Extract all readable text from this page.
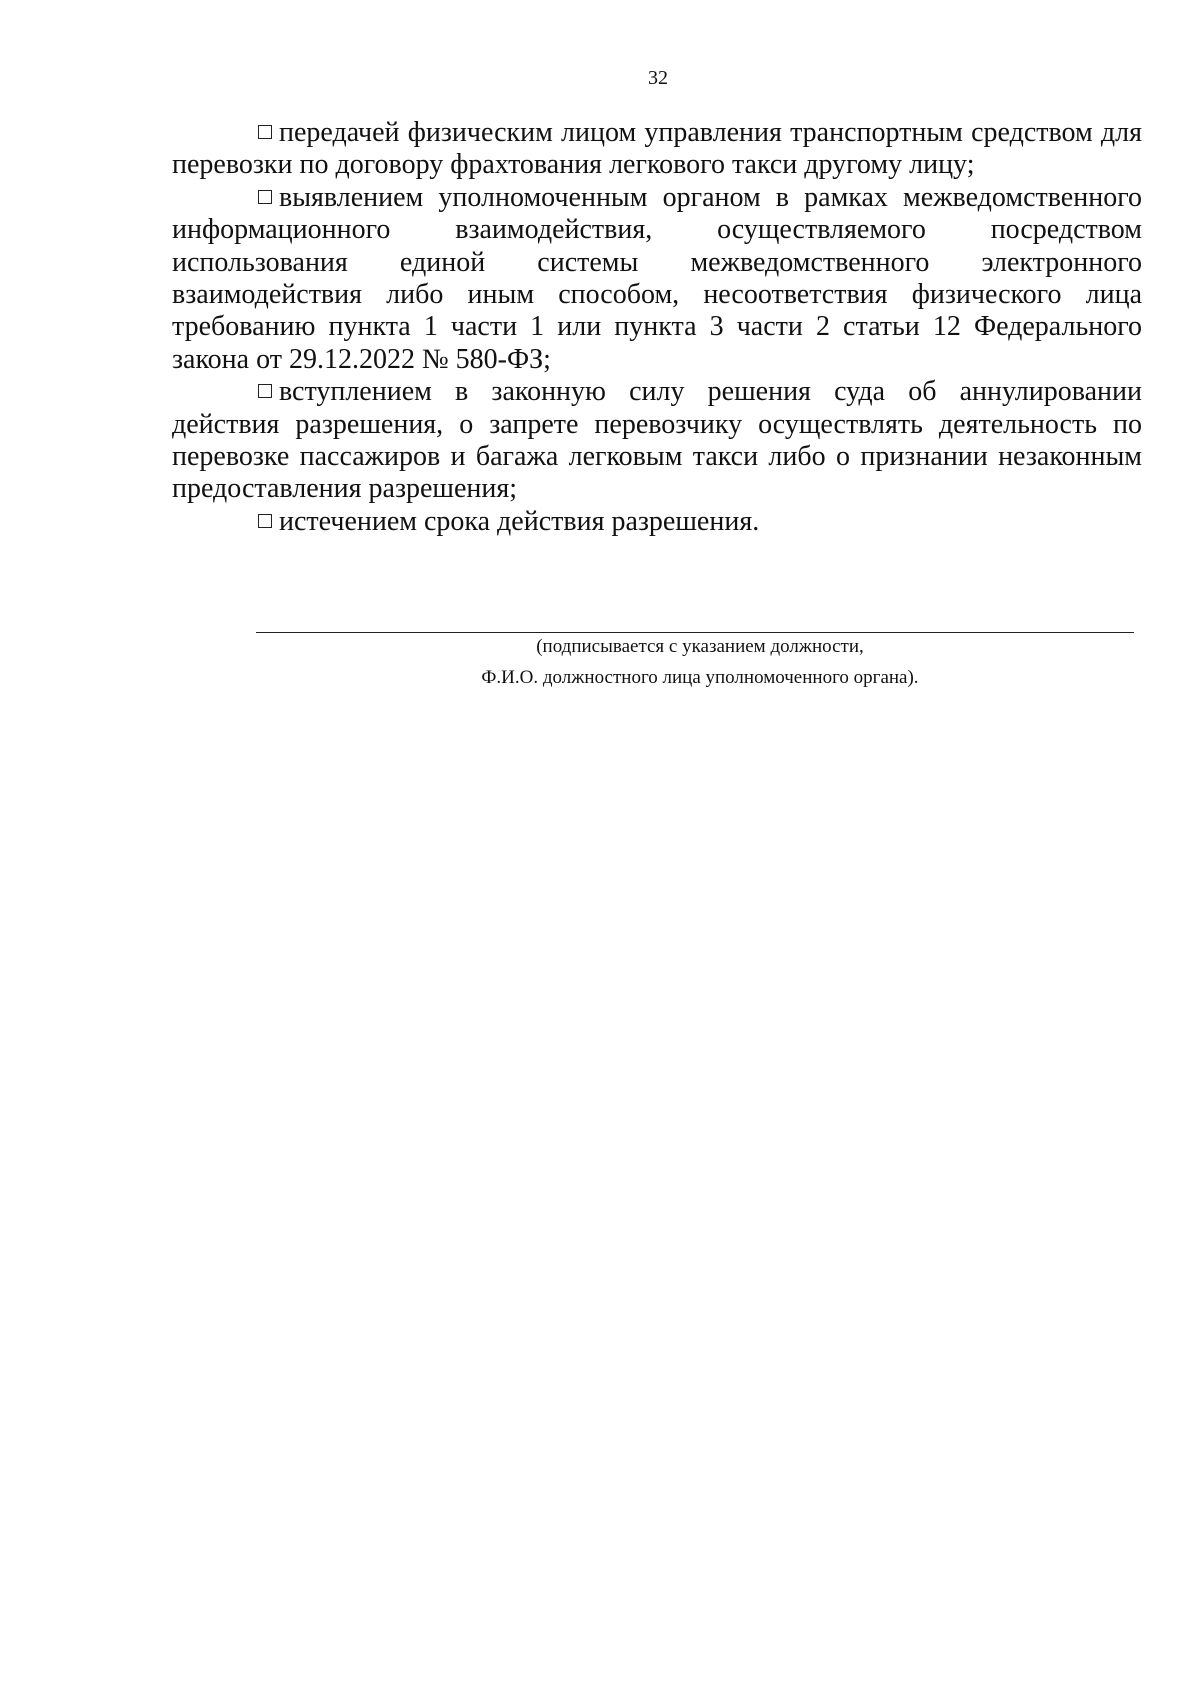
32

передачей физическим лицом управления транспортным средством для перевозки по договору фрахтования легкового такси другому лицу;

выявлением уполномоченным органом в рамках межведомственного информационного взаимодействия, осуществляемого посредством использования единой системы межведомственного электронного взаимодействия либо иным способом, несоответствия физического лица требованию пункта 1 части 1 или пункта 3 части 2 статьи 12 Федерального закона от 29.12.2022 № 580-ФЗ;

вступлением в законную силу решения суда об аннулировании действия разрешения, о запрете перевозчику осуществлять деятельность по перевозке пассажиров и багажа легковым такси либо о признании незаконным предоставления разрешения;

истечением срока действия разрешения.

(подписывается с указанием должности,
Ф.И.О. должностного лица уполномоченного органа).
